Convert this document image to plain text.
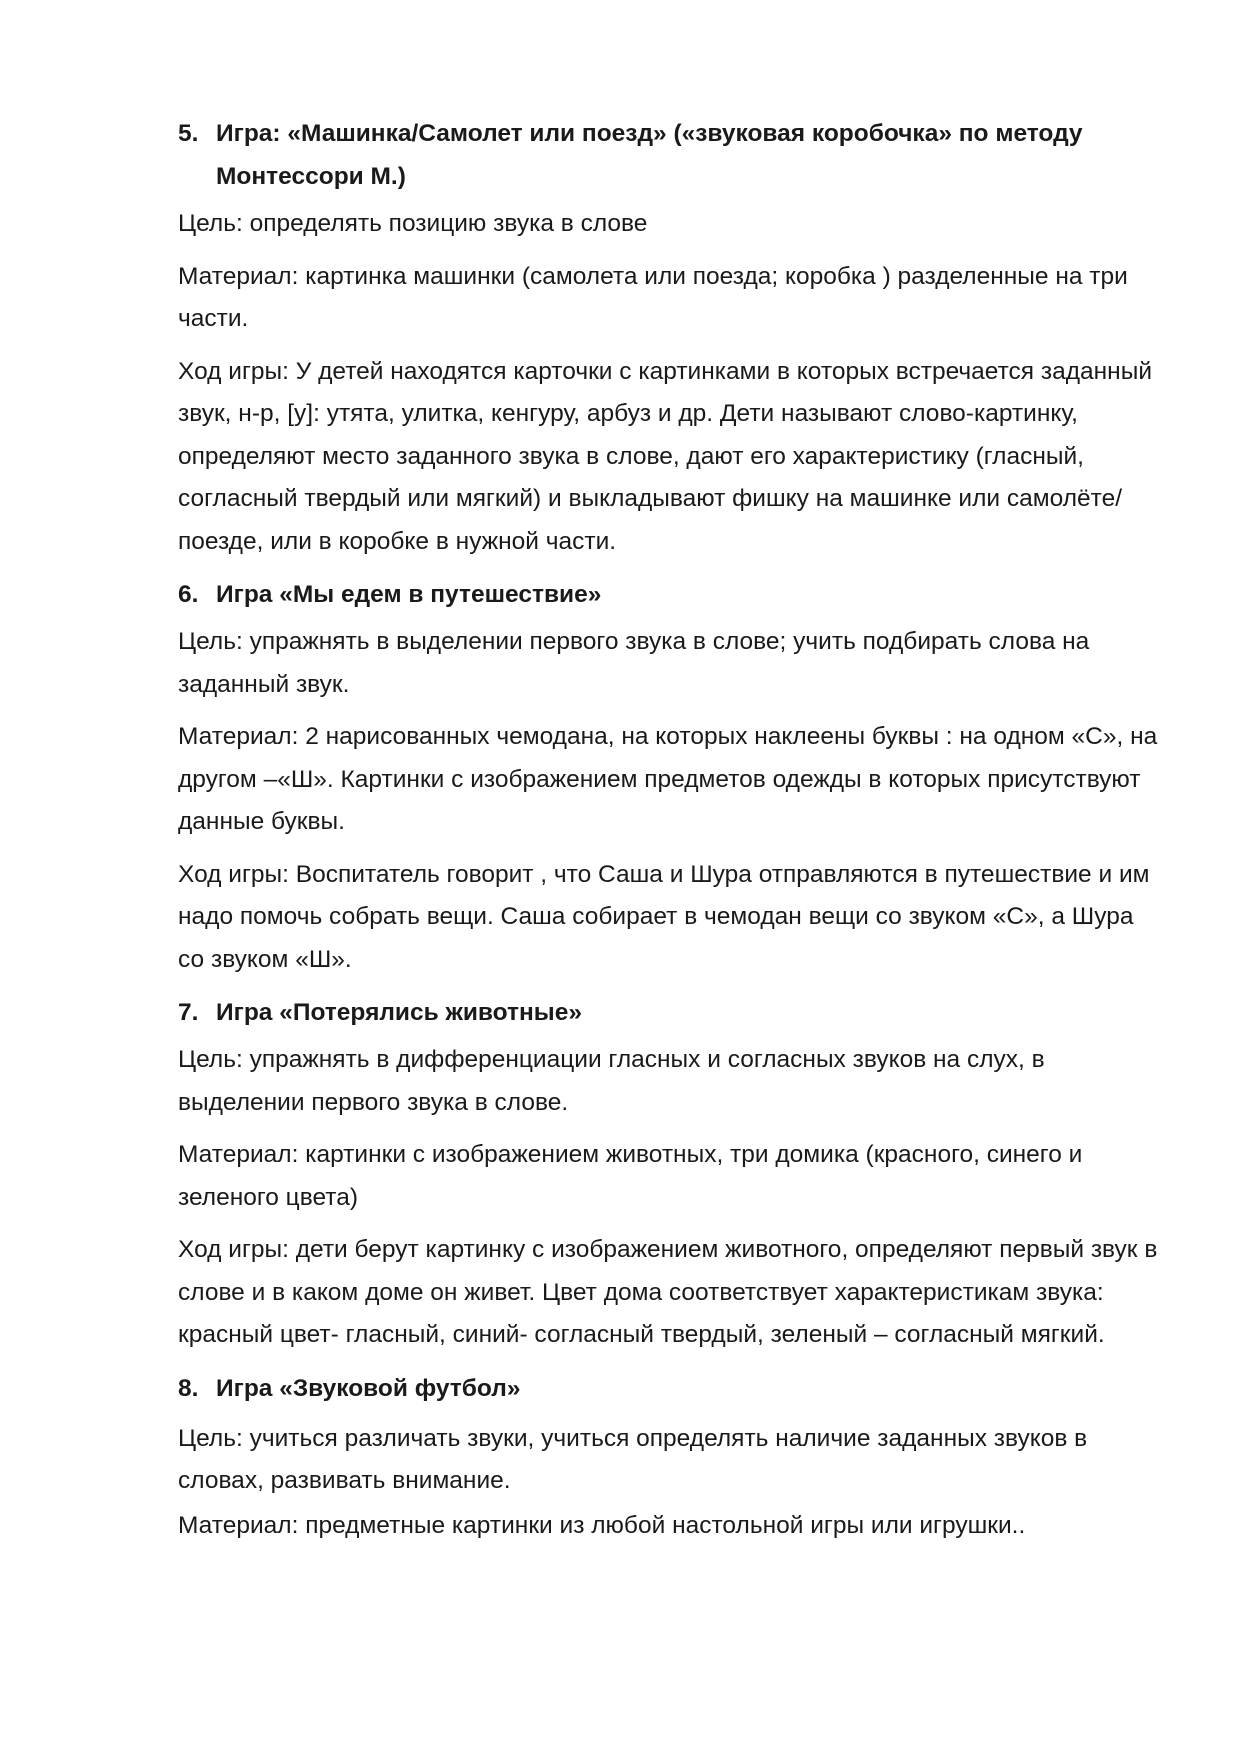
5. Игра: «Машинка/Самолет или поезд» («звуковая коробочка» по методу Монтессори М.)

Цель: определять позицию звука в слове

Материал: картинка машинки (самолета или поезда; коробка ) разделенные на три части.

Ход игры: У детей находятся карточки с картинками в которых встречается заданный звук, н-р, [у]: утята, улитка, кенгуру, арбуз и др. Дети называют слово-картинку, определяют место заданного звука в слове, дают его характеристику (гласный, согласный твердый или мягкий) и выкладывают фишку на машинке или самолёте/поезде, или в коробке в нужной части.

6. Игра «Мы едем в путешествие»

Цель: упражнять в выделении первого звука в слове; учить подбирать слова на заданный звук.

Материал: 2 нарисованных чемодана, на которых наклеены буквы : на одном «С», на другом –«Ш». Картинки с изображением предметов одежды в которых присутствуют данные буквы.

Ход игры: Воспитатель говорит , что Саша и Шура отправляются в путешествие и им надо помочь собрать вещи. Саша собирает в чемодан вещи со звуком «С», а Шура со звуком «Ш».

7. Игра «Потерялись животные»

Цель: упражнять в дифференциации гласных и согласных звуков на слух, в выделении первого звука в слове.

Материал: картинки с изображением животных, три домика (красного, синего и зеленого цвета)

Ход игры: дети берут картинку с изображением животного, определяют первый звук в слове и в каком доме он живет. Цвет дома соответствует характеристикам звука: красный цвет- гласный, синий- согласный твердый, зеленый – согласный мягкий.

8. Игра «Звуковой футбол»

Цель: учиться различать звуки, учиться определять наличие заданных звуков в словах, развивать внимание.

Материал: предметные картинки из любой настольной игры или игрушки..
